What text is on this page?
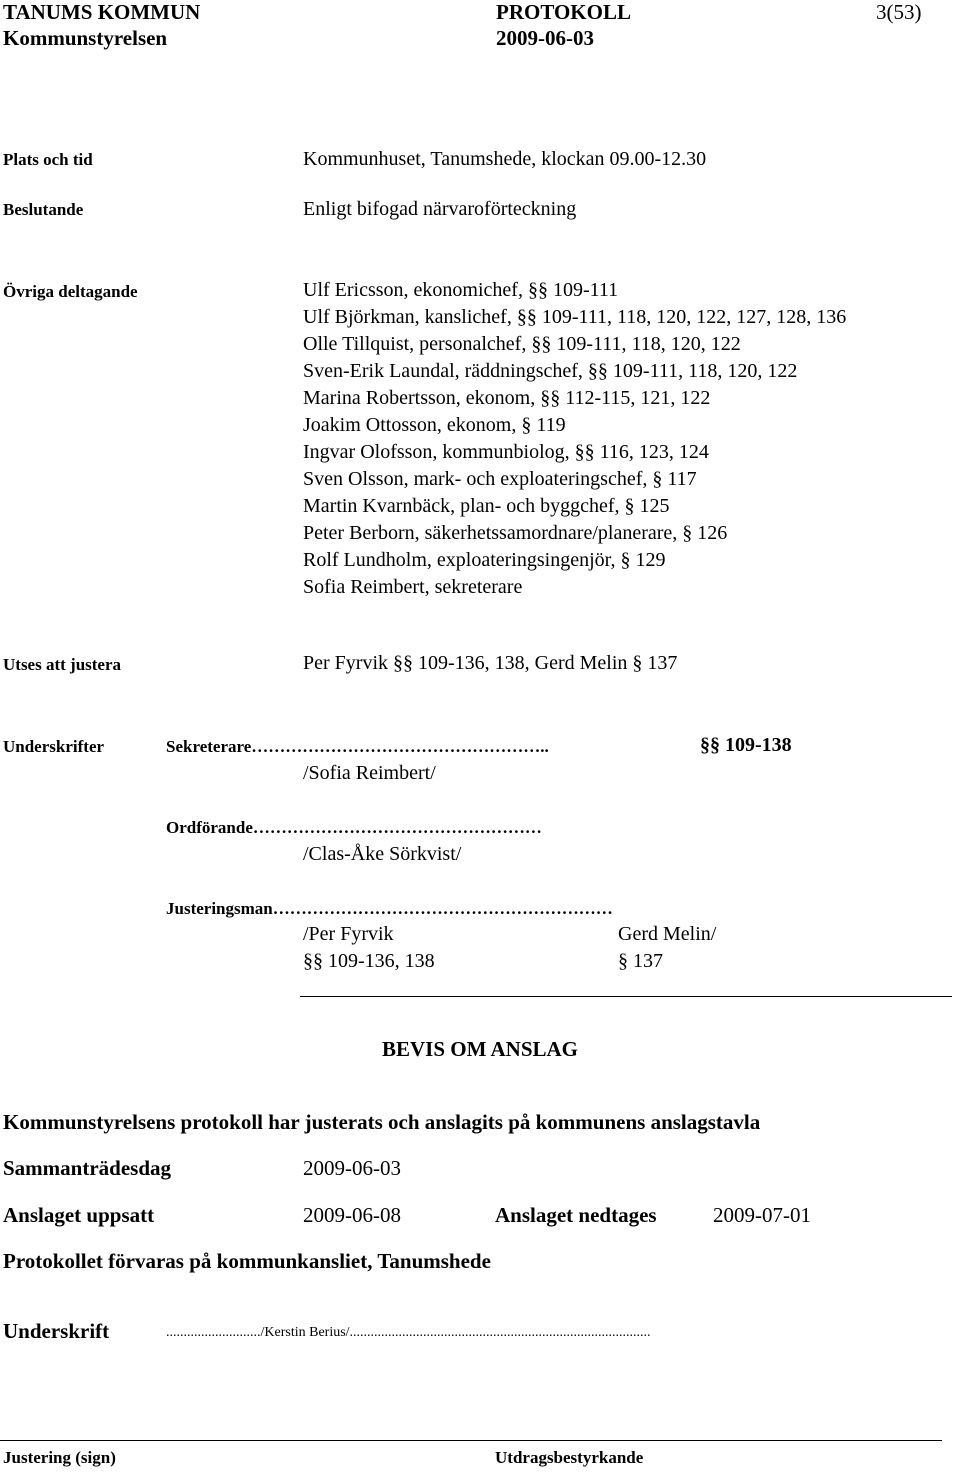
TANUMS KOMMUN	PROTOKOLL	3(53)
Kommunstyrelsen	2009-06-03
Plats och tid	Kommunhuset, Tanumshede, klockan 09.00-12.30
Beslutande	Enligt bifogad närvaroförteckning
Övriga deltagande	Ulf Ericsson, ekonomichef, §§ 109-111
Ulf Björkman, kanslichef, §§ 109-111, 118, 120, 122, 127, 128, 136
Olle Tillquist, personalchef, §§ 109-111, 118, 120, 122
Sven-Erik Laundal, räddningschef, §§ 109-111, 118, 120, 122
Marina Robertsson, ekonom, §§ 112-115, 121, 122
Joakim Ottosson, ekonom, § 119
Ingvar Olofsson, kommunbiolog, §§ 116, 123, 124
Sven Olsson, mark- och exploateringschef, § 117
Martin Kvarnbäck, plan- och byggchef, § 125
Peter Berborn, säkerhetssamordnare/planerare, § 126
Rolf Lundholm, exploateringsingenjör, § 129
Sofia Reimbert, sekreterare
Utses att justera	Per Fyrvik §§ 109-136, 138, Gerd Melin § 137
Underskrifter	Sekreterare……………………………………………..	§§ 109-138
/Sofia Reimbert/
Ordförande……………………………………………
/Clas-Åke Sörkvist/
Justeringsman……………………………………………………
/Per Fyrvik	Gerd Melin/
§§ 109-136, 138	§ 137
BEVIS OM ANSLAG
Kommunstyrelsens protokoll har justerats och anslagits på kommunens anslagstavla
Sammanträdesdag	2009-06-03
Anslaget uppsatt	2009-06-08	Anslaget nedtages	2009-07-01
Protokollet förvaras på kommunkansliet, Tanumshede
Underskrift	.........................../Kerstin Berius/......................................................................................
Justering (sign)	Utdragsbestyrkande
